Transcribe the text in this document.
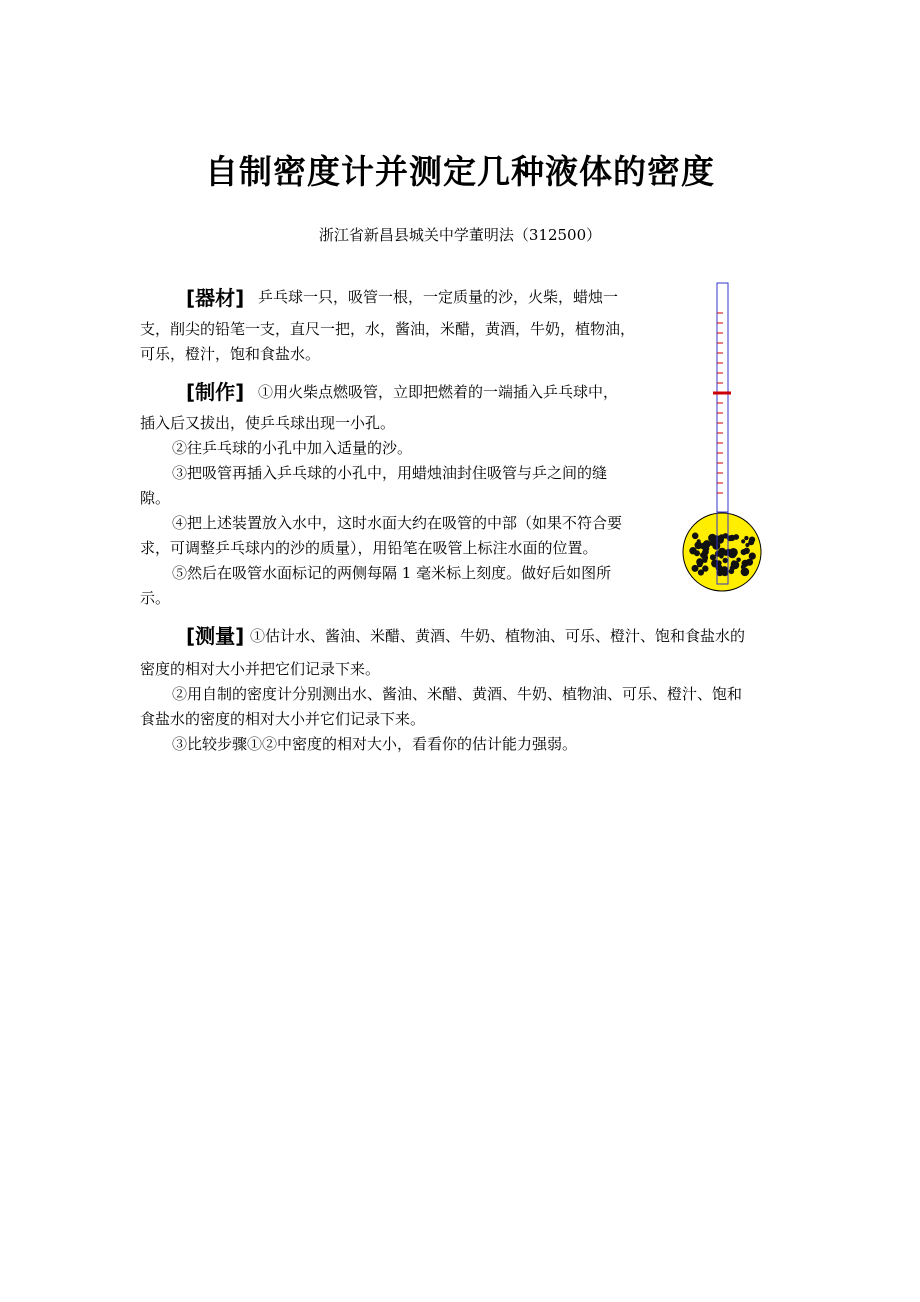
自制密度计并测定几种液体的密度
浙江省新昌县城关中学董明法（312500）
[器材] 乒乓球一只，吸管一根，一定质量的沙，火柴，蜡烛一
支，削尖的铅笔一支，直尺一把，水，酱油，米醋，黄酒，牛奶，植物油，
可乐，橙汁，饱和食盐水。
[制作] ①用火柴点燃吸管，立即把燃着的一端插入乒乓球中，
插入后又拔出，使乒乓球出现一小孔。
②往乒乓球的小孔中加入适量的沙。
③把吸管再插入乒乓球的小孔中，用蜡烛油封住吸管与乒之间的缝
隙。
④把上述装置放入水中，这时水面大约在吸管的中部（如果不符合要
求，可调整乒乓球内的沙的质量），用铅笔在吸管上标注水面的位置。
⑤然后在吸管水面标记的两侧每隔 1 毫米标上刻度。做好后如图所
示。
[测量] ①估计水、酱油、米醋、黄酒、牛奶、植物油、可乐、橙汁、饱和食盐水的
密度的相对大小并把它们记录下来。
②用自制的密度计分别测出水、酱油、米醋、黄酒、牛奶、植物油、可乐、橙汁、饱和
食盐水的密度的相对大小并它们记录下来。
③比较步骤①②中密度的相对大小，看看你的估计能力强弱。
